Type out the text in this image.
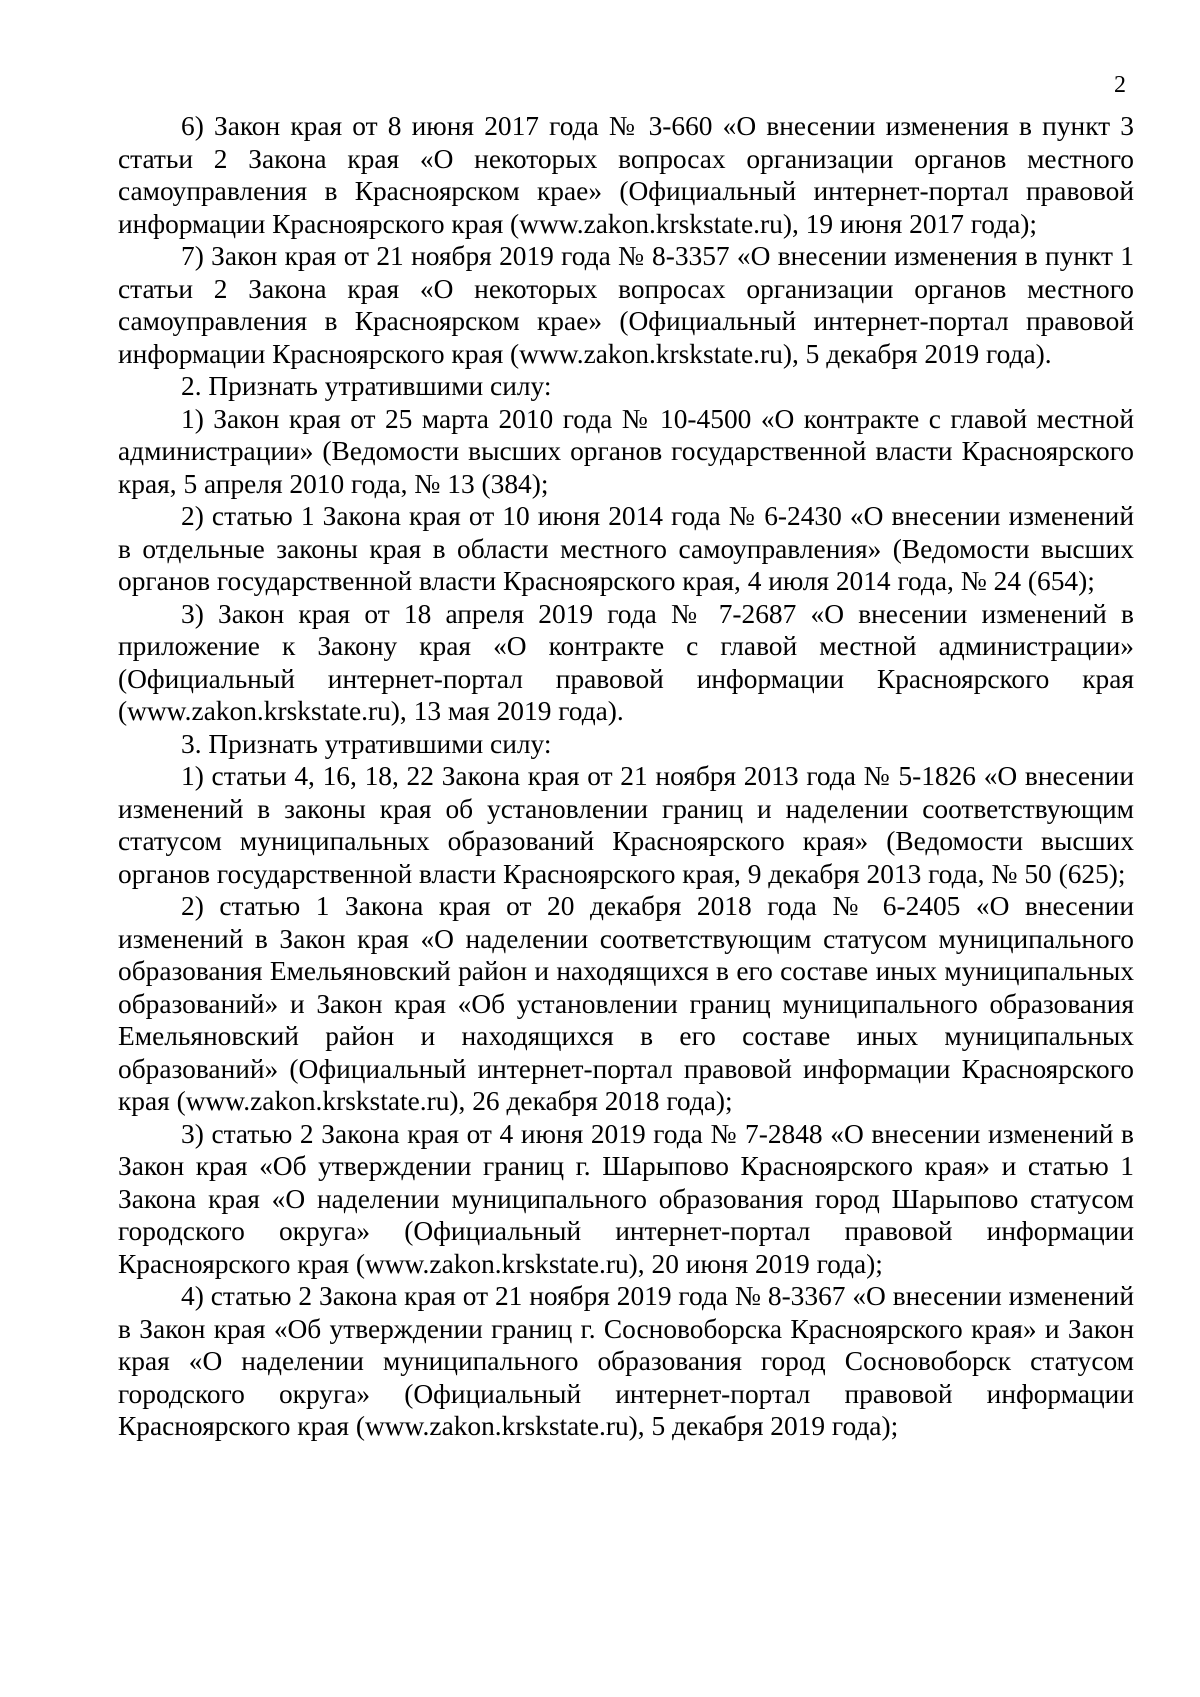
2

6) Закон края от 8 июня 2017 года № 3-660 «О внесении изменения в пункт 3 статьи 2 Закона края «О некоторых вопросах организации органов местного самоуправления в Красноярском крае» (Официальный интернет-портал правовой информации Красноярского края (www.zakon.krskstate.ru), 19 июня 2017 года);

7) Закон края от 21 ноября 2019 года № 8-3357 «О внесении изменения в пункт 1 статьи 2 Закона края «О некоторых вопросах организации органов местного самоуправления в Красноярском крае» (Официальный интернет-портал правовой информации Красноярского края (www.zakon.krskstate.ru), 5 декабря 2019 года).

2. Признать утратившими силу:

1) Закон края от 25 марта 2010 года № 10-4500 «О контракте с главой местной администрации» (Ведомости высших органов государственной власти Красноярского края, 5 апреля 2010 года, № 13 (384);

2) статью 1 Закона края от 10 июня 2014 года № 6-2430 «О внесении изменений в отдельные законы края в области местного самоуправления» (Ведомости высших органов государственной власти Красноярского края, 4 июля 2014 года, № 24 (654);

3) Закон края от 18 апреля 2019 года № 7-2687 «О внесении изменений в приложение к Закону края «О контракте с главой местной администрации» (Официальный интернет-портал правовой информации Красноярского края (www.zakon.krskstate.ru), 13 мая 2019 года).

3. Признать утратившими силу:

1) статьи 4, 16, 18, 22 Закона края от 21 ноября 2013 года № 5-1826 «О внесении изменений в законы края об установлении границ и наделении соответствующим статусом муниципальных образований Красноярского края» (Ведомости высших органов государственной власти Красноярского края, 9 декабря 2013 года, № 50 (625);

2) статью 1 Закона края от 20 декабря 2018 года № 6-2405 «О внесении изменений в Закон края «О наделении соответствующим статусом муниципального образования Емельяновский район и находящихся в его составе иных муниципальных образований» и Закон края «Об установлении границ муниципального образования Емельяновский район и находящихся в его составе иных муниципальных образований» (Официальный интернет-портал правовой информации Красноярского края (www.zakon.krskstate.ru), 26 декабря 2018 года);

3) статью 2 Закона края от 4 июня 2019 года № 7-2848 «О внесении изменений в Закон края «Об утверждении границ г. Шарыпово Красноярского края» и статью 1 Закона края «О наделении муниципального образования город Шарыпово статусом городского округа» (Официальный интернет-портал правовой информации Красноярского края (www.zakon.krskstate.ru), 20 июня 2019 года);

4) статью 2 Закона края от 21 ноября 2019 года № 8-3367 «О внесении изменений в Закон края «Об утверждении границ г. Сосновоборска Красноярского края» и Закон края «О наделении муниципального образования город Сосновоборск статусом городского округа» (Официальный интернет-портал правовой информации Красноярского края (www.zakon.krskstate.ru), 5 декабря 2019 года);
